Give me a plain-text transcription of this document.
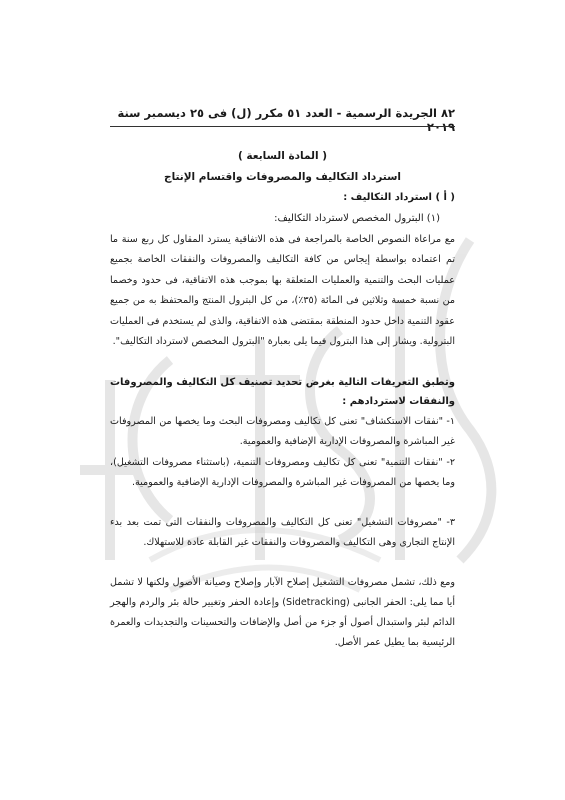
٨٢ الجريدة الرسمية - العدد ٥١ مكرر (ل) فى ٢٥ ديسمبر سنة ٢٠١٩
( المادة السابعة )
استرداد التكاليف والمصروفات واقتسام الإنتاج
( أ ) استرداد التكاليف :
(١) البترول المخصص لاسترداد التكاليف:
مع مراعاة النصوص الخاصة بالمراجعة فى هذه الاتفاقية يسترد المقاول كل ربع سنة ما تم اعتماده بواسطة إيجاس من كافة التكاليف والمصروفات والنفقات الخاصة بجميع عمليات البحث والتنمية والعمليات المتعلقة بها بموجب هذه الاتفاقية، فى حدود وخصما من نسبة خمسة وثلاثين فى المائة (٣٥٪)، من كل البترول المنتج والمحتفظ به من جميع عقود التنمية داخل حدود المنطقة بمقتضى هذه الاتفاقية، والذى لم يستخدم فى العمليات البترولية. ويشار إلى هذا البترول فيما يلى بعبارة "البترول المخصص لاسترداد التكاليف".
وتطبق التعريفات التالية بغرض تحديد تصنيف كل التكاليف والمصروفات والنفقات لاستردادهم :
١- "نفقات الاستكشاف" تعنى كل تكاليف ومصروفات البحث وما يخصها من المصروفات غير المباشرة والمصروفات الإدارية الإضافية والعمومية.
٢- "نفقات التنمية" تعنى كل تكاليف ومصروفات التنمية، (باستثناء مصروفات التشغيل)، وما يخصها من المصروفات غير المباشرة والمصروفات الإدارية الإضافية والعمومية.
٣- "مصروفات التشغيل" تعنى كل التكاليف والمصروفات والنفقات التى تمت بعد بدء الإنتاج التجارى وهى التكاليف والمصروفات والنفقات غير القابلة عادة للاستهلاك.
ومع ذلك، تشمل مصروفات التشغيل إصلاح الآبار وإصلاح وصيانة الأصول ولكنها لا تشمل أيا مما يلى: الحفر الجانبى (Sidetracking) وإعادة الحفر وتغيير حالة بئر والردم والهجر الدائم لبئر واستبدال أصول أو جزء من أصل والإضافات والتحسينات والتجديدات والعمرة الرئيسية بما يطيل عمر الأصل.
